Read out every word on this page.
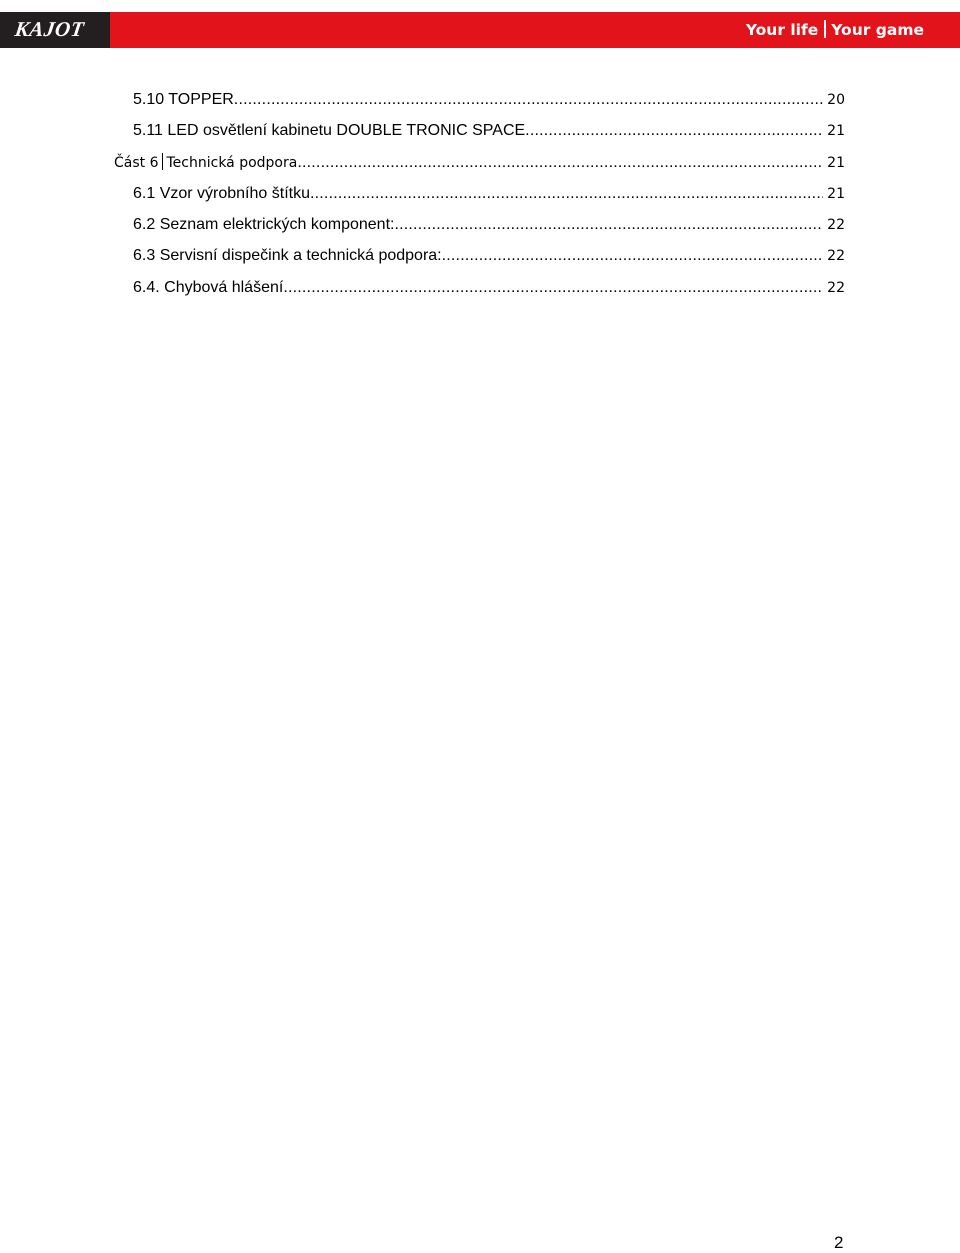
KAJOT	Your life Your game
5.10 TOPPER .....	20
5.11 LED osvětlení kabinetu DOUBLE TRONIC SPACE .....	21
Část 6 Technická podpora .....	21
6.1 Vzor výrobního štítku .....	21
6.2 Seznam elektrických komponent: .....	22
6.3 Servisní dispečink a technická podpora: .....	22
6.4. Chybová hlášení .....	22
2
